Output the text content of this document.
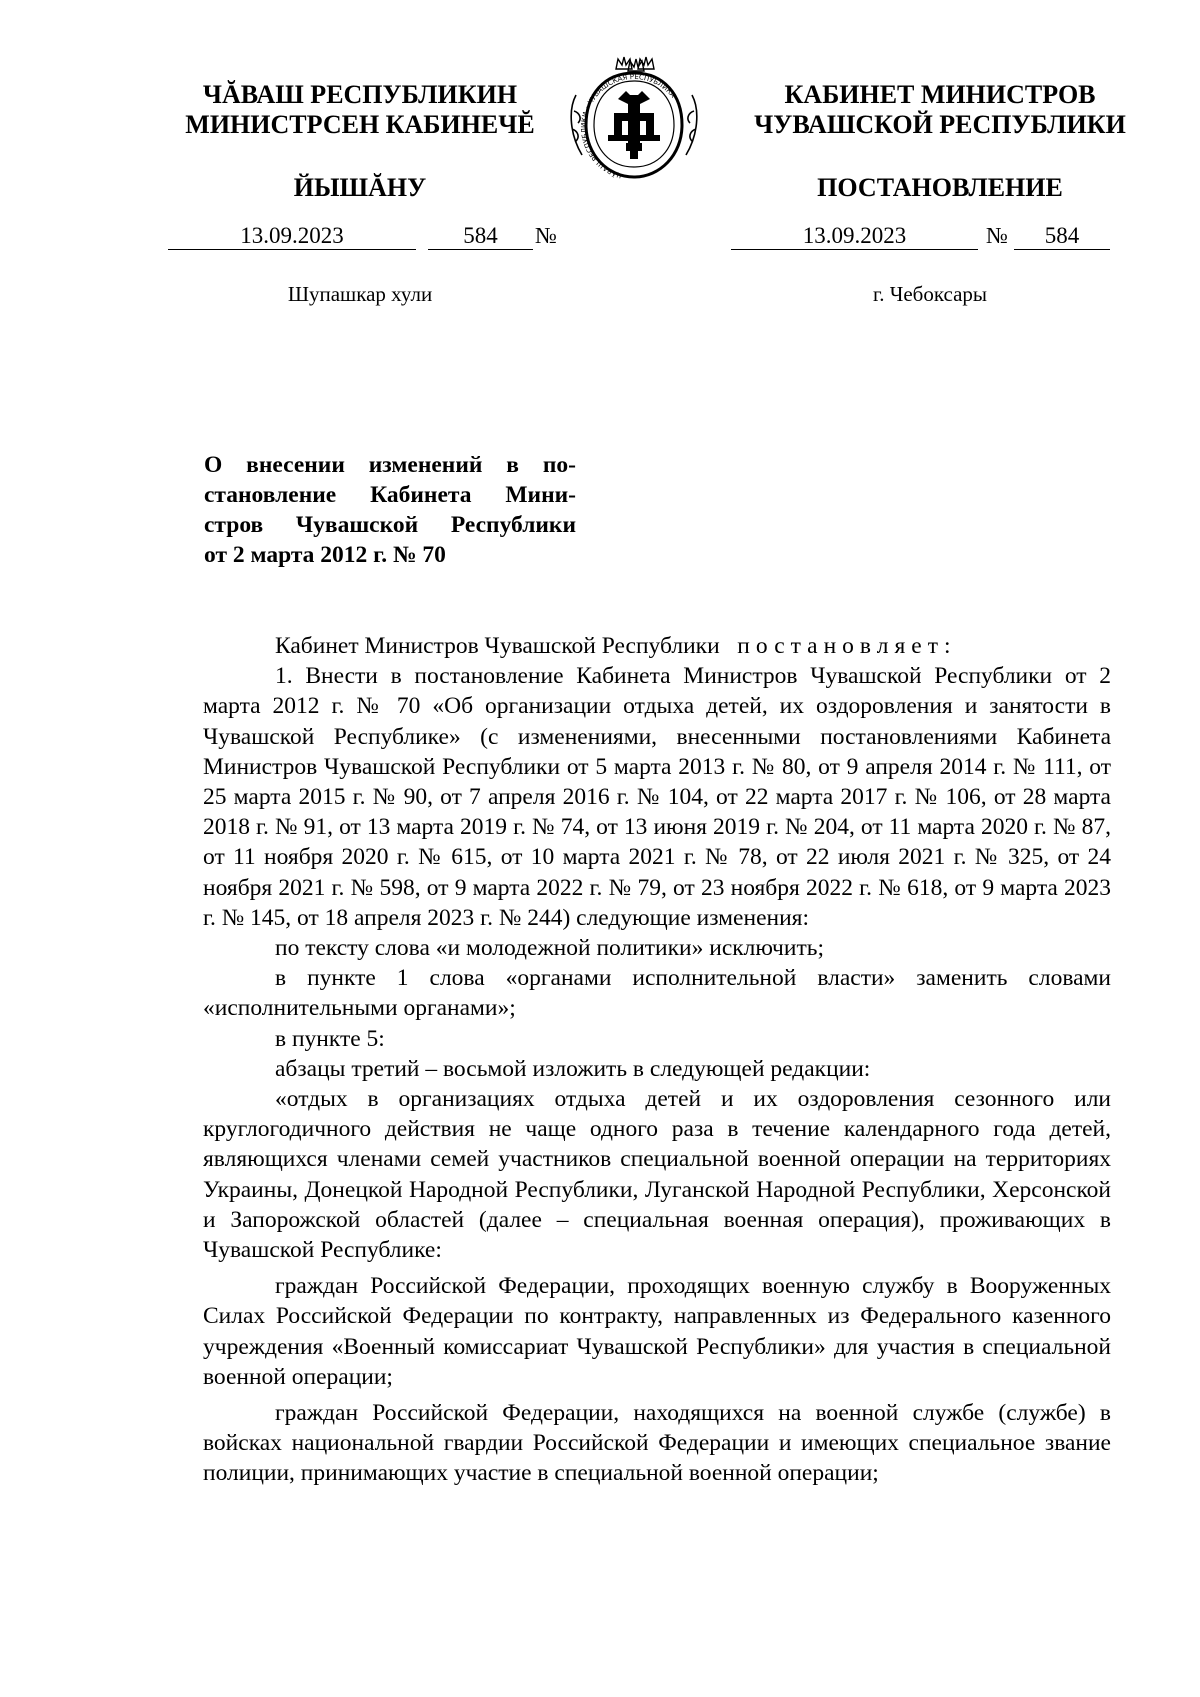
ЧĂВАШ РЕСПУБЛИКИН
МИНИСТРСЕН КАБИНЕЧĔ
ЙЫШĂНУ	ЧĂВАШ РЕСПУБЛИКИ • ЧУВАШСКАЯ РЕСПУБЛИКА	КАБИНЕТ МИНИСТРОВ
ЧУВАШСКОЙ РЕСПУБЛИКИ
ПОСТАНОВЛЕНИЕ
13.09.2023	584	№	13.09.2023	№	584
Шупашкар хули	г. Чебоксары
О внесении изменений в по-
становление Кабинета Мини-
стров Чувашской Республики
от 2 марта 2012 г. № 70

Кабинет Министров Чувашской Республики постановляет:

1. Внести в постановление Кабинета Министров Чувашской Республики от 2 марта 2012 г. № 70 «Об организации отдыха детей, их оздоровления и занятости в Чувашской Республике» (с изменениями, внесенными постановлениями Кабинета Министров Чувашской Республики от 5 марта 2013 г. № 80, от 9 апреля 2014 г. № 111, от 25 марта 2015 г. № 90, от 7 апреля 2016 г. № 104, от 22 марта 2017 г. № 106, от 28 марта 2018 г. № 91, от 13 марта 2019 г. № 74, от 13 июня 2019 г. № 204, от 11 марта 2020 г. № 87, от 11 ноября 2020 г. № 615, от 10 марта 2021 г. № 78, от 22 июля 2021 г. № 325, от 24 ноября 2021 г. № 598, от 9 марта 2022 г. № 79, от 23 ноября 2022 г. № 618, от 9 марта 2023 г. № 145, от 18 апреля 2023 г. № 244) следующие изменения:

по тексту слова «и молодежной политики» исключить;

в пункте 1 слова «органами исполнительной власти» заменить словами «исполнительными органами»;

в пункте 5:

абзацы третий – восьмой изложить в следующей редакции:

«отдых в организациях отдыха детей и их оздоровления сезонного или круглогодичного действия не чаще одного раза в течение календарного года детей, являющихся членами семей участников специальной военной операции на территориях Украины, Донецкой Народной Республики, Луганской Народной Республики, Херсонской и Запорожской областей (далее – специальная военная операция), проживающих в Чувашской Республике:

граждан Российской Федерации, проходящих военную службу в Вооруженных Силах Российской Федерации по контракту, направленных из Федерального казенного учреждения «Военный комиссариат Чувашской Республики» для участия в специальной военной операции;

граждан Российской Федерации, находящихся на военной службе (службе) в войсках национальной гвардии Российской Федерации и имеющих специальное звание полиции, принимающих участие в специальной военной операции;
